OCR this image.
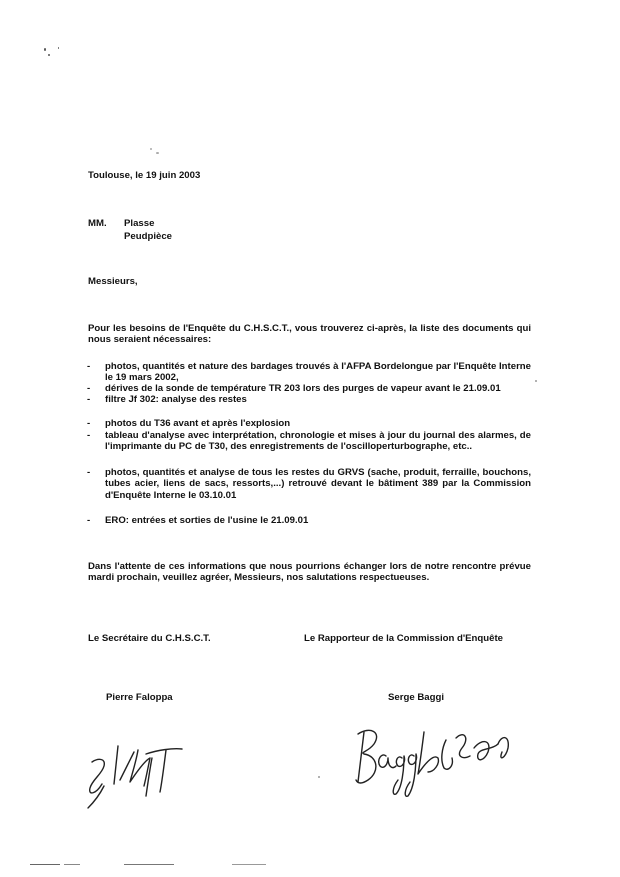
Toulouse, le 19 juin 2003
MM. Plasse
Peudpièce
Messieurs,
Pour les besoins de l'Enquête du C.H.S.C.T., vous trouverez ci-après, la liste des documents qui nous seraient nécessaires:
- photos, quantités et nature des bardages trouvés à l'AFPA Bordelongue par l'Enquête Interne le 19 mars 2002,
- dérives de la sonde de température TR 203 lors des purges de vapeur avant le 21.09.01
- filtre Jf 302: analyse des restes
- photos du T36 avant et après l'explosion
- tableau d'analyse avec interprétation, chronologie et mises à jour du journal des alarmes, de l'imprimante du PC de T30, des enregistrements de l'oscilloperturbographe, etc..
- photos, quantités et analyse de tous les restes du GRVS (sache, produit, ferraille, bouchons, tubes acier, liens de sacs, ressorts,...) retrouvé devant le bâtiment 389 par la Commission d'Enquête Interne le 03.10.01
- ERO: entrées et sorties de l'usine le 21.09.01
Dans l'attente de ces informations que nous pourrions échanger lors de notre rencontre prévue mardi prochain, veuillez agréer, Messieurs, nos salutations respectueuses.
Le Secrétaire du C.H.S.C.T.	Le Rapporteur de la Commission d'Enquête
Pierre Faloppa	Serge Baggi
